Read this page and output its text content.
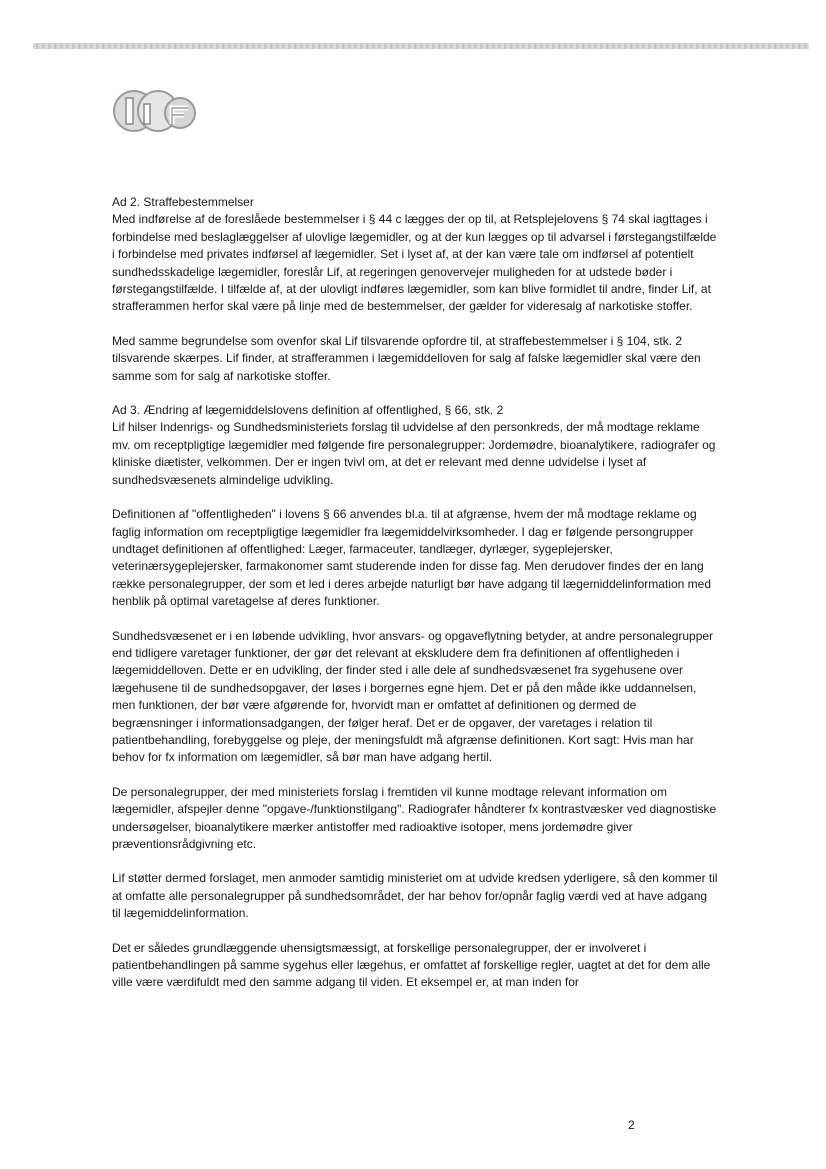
Ad 2. Straffebestemmelser

Med indførelse af de foreslåede bestemmelser i § 44 c lægges der op til, at Retsplejelovens § 74 skal iagttages i forbindelse med beslaglæggelser af ulovlige lægemidler, og at der kun lægges op til advarsel i førstegangstilfælde i forbindelse med privates indførsel af lægemidler. Set i lyset af, at der kan være tale om indførsel af potentielt sundhedsskadelige lægemidler, foreslår Lif, at regeringen genovervejer muligheden for at udstede bøder i førstegangstilfælde. I tilfælde af, at der ulovligt indføres lægemidler, som kan blive formidlet til andre, finder Lif, at strafferammen herfor skal være på linje med de bestemmelser, der gælder for videresalg af narkotiske stoffer.

Med samme begrundelse som ovenfor skal Lif tilsvarende opfordre til, at straffebestemmelser i § 104, stk. 2 tilsvarende skærpes. Lif finder, at strafferammen i lægemiddelloven for salg af falske lægemidler skal være den samme som for salg af narkotiske stoffer.

Ad 3. Ændring af lægemiddelslovens definition af offentlighed, § 66, stk. 2

Lif hilser Indenrigs- og Sundhedsministeriets forslag til udvidelse af den personkreds, der må modtage reklame mv. om receptpligtige lægemidler med følgende fire personalegrupper: Jordemødre, bioanalytikere, radiografer og kliniske diætister, velkommen. Der er ingen tvivl om, at det er relevant med denne udvidelse i lyset af sundhedsvæsenets almindelige udvikling.

Definitionen af "offentligheden" i lovens § 66 anvendes bl.a. til at afgrænse, hvem der må modtage reklame og faglig information om receptpligtige lægemidler fra lægemiddelvirksomheder. I dag er følgende persongrupper undtaget definitionen af offentlighed: Læger, farmaceuter, tandlæger, dyrlæger, sygeplejersker, veterinærsygeplejersker, farmakonomer samt studerende inden for disse fag. Men derudover findes der en lang række personalegrupper, der som et led i deres arbejde naturligt bør have adgang til lægemiddelinformation med henblik på optimal varetagelse af deres funktioner.

Sundhedsvæsenet er i en løbende udvikling, hvor ansvars- og opgaveflytning betyder, at andre personalegrupper end tidligere varetager funktioner, der gør det relevant at ekskludere dem fra definitionen af offentligheden i lægemiddelloven. Dette er en udvikling, der finder sted i alle dele af sundhedsvæsenet fra sygehusene over lægehusene til de sundhedsopgaver, der løses i borgernes egne hjem. Det er på den måde ikke uddannelsen, men funktionen, der bør være afgørende for, hvorvidt man er omfattet af definitionen og dermed de begrænsninger i informationsadgangen, der følger heraf. Det er de opgaver, der varetages i relation til patientbehandling, forebyggelse og pleje, der meningsfuldt må afgrænse definitionen. Kort sagt: Hvis man har behov for fx information om lægemidler, så bør man have adgang hertil.

De personalegrupper, der med ministeriets forslag i fremtiden vil kunne modtage relevant information om lægemidler, afspejler denne "opgave-/funktionstilgang". Radiografer håndterer fx kontrastvæsker ved diagnostiske undersøgelser, bioanalytikere mærker antistoffer med radioaktive isotoper, mens jordemødre giver præventionsrådgivning etc.

Lif støtter dermed forslaget, men anmoder samtidig ministeriet om at udvide kredsen yderligere, så den kommer til at omfatte alle personalegrupper på sundhedsområdet, der har behov for/opnår faglig værdi ved at have adgang til lægemiddelinformation.

Det er således grundlæggende uhensigtsmæssigt, at forskellige personalegrupper, der er involveret i patientbehandlingen på samme sygehus eller lægehus, er omfattet af forskellige regler, uagtet at det for dem alle ville være værdifuldt med den samme adgang til viden. Et eksempel er, at man inden for

2
